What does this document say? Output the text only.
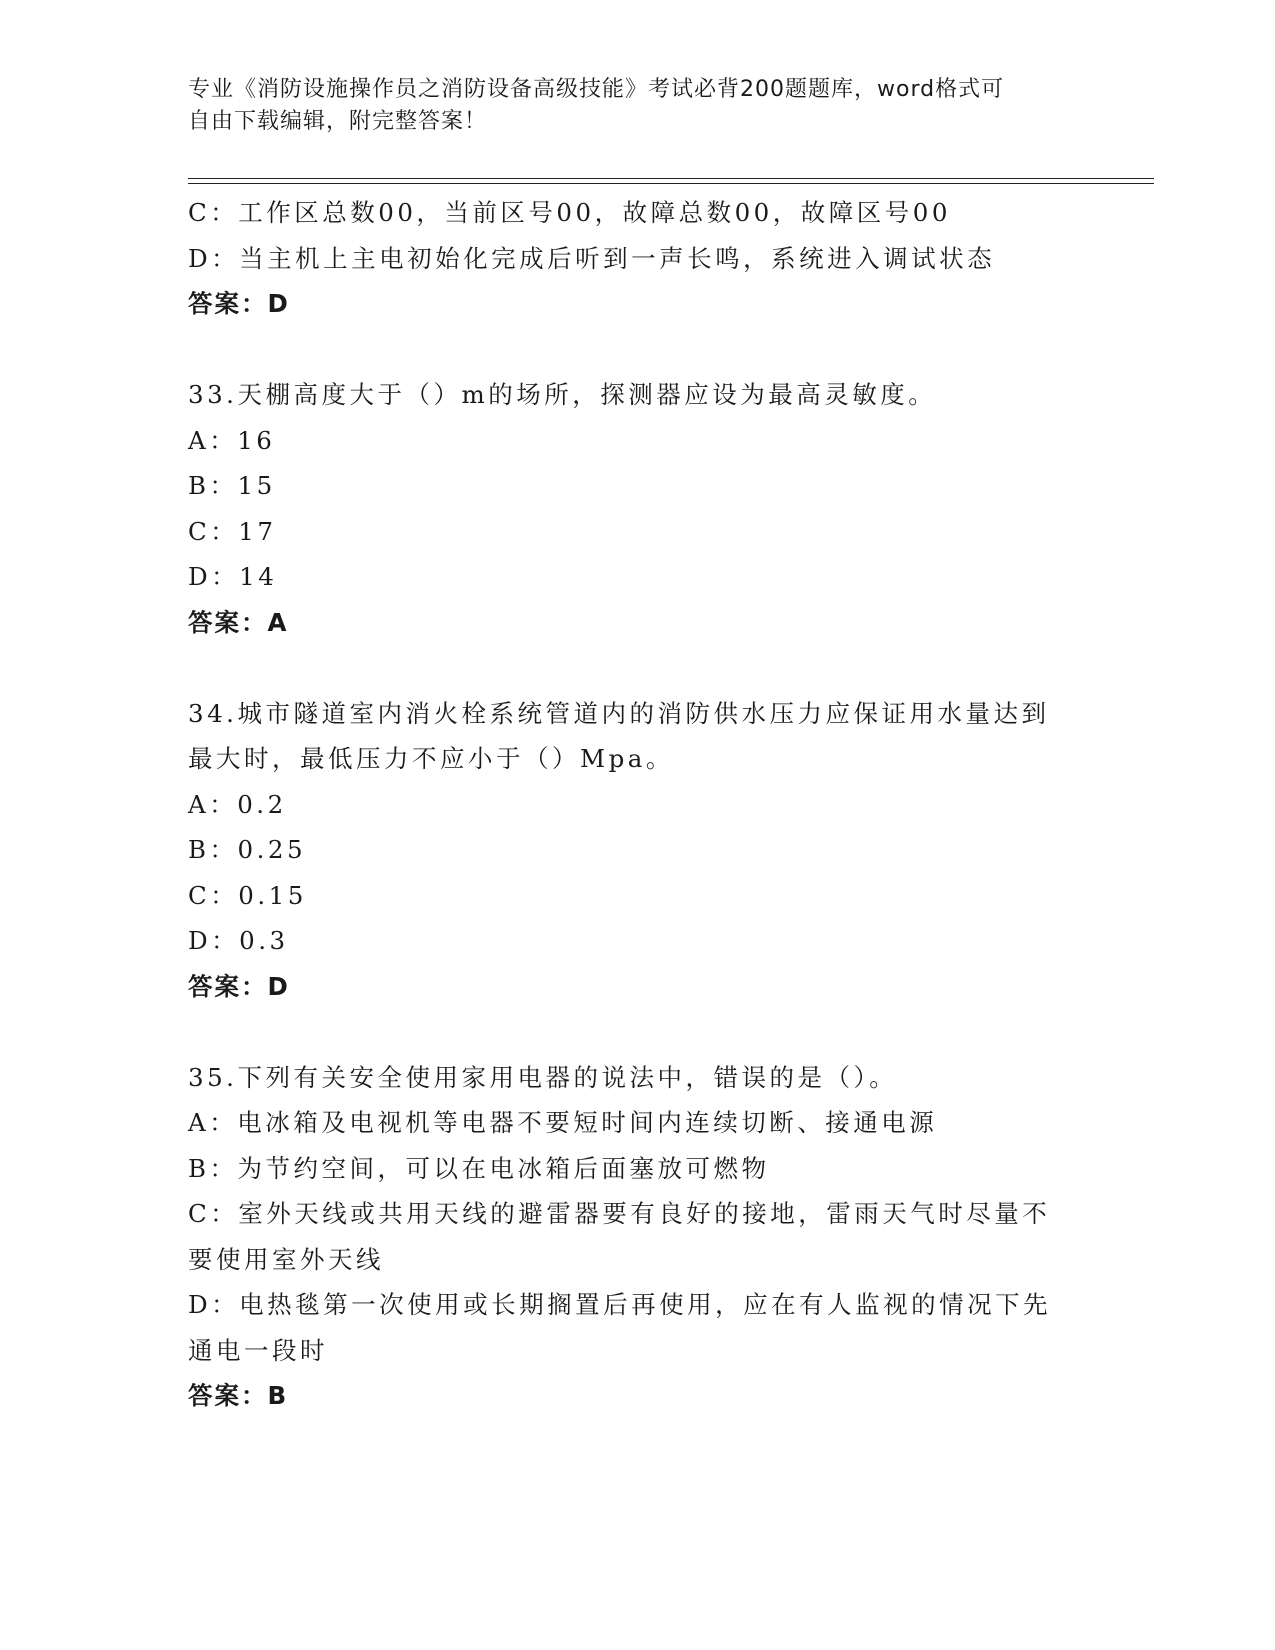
专业《消防设施操作员之消防设备高级技能》考试必背200题题库，word格式可
自由下载编辑，附完整答案！
C：工作区总数00，当前区号00，故障总数00，故障区号00
D：当主机上主电初始化完成后听到一声长鸣，系统进入调试状态
答案：D
33.天棚高度大于（）m的场所，探测器应设为最高灵敏度。
A：16
B：15
C：17
D：14
答案：A
34.城市隧道室内消火栓系统管道内的消防供水压力应保证用水量达到
最大时，最低压力不应小于（）Mpa。
A：0.2
B：0.25
C：0.15
D：0.3
答案：D
35.下列有关安全使用家用电器的说法中，错误的是（）。
A：电冰箱及电视机等电器不要短时间内连续切断、接通电源
B：为节约空间，可以在电冰箱后面塞放可燃物
C：室外天线或共用天线的避雷器要有良好的接地，雷雨天气时尽量不
要使用室外天线
D：电热毯第一次使用或长期搁置后再使用，应在有人监视的情况下先
通电一段时
答案：B
